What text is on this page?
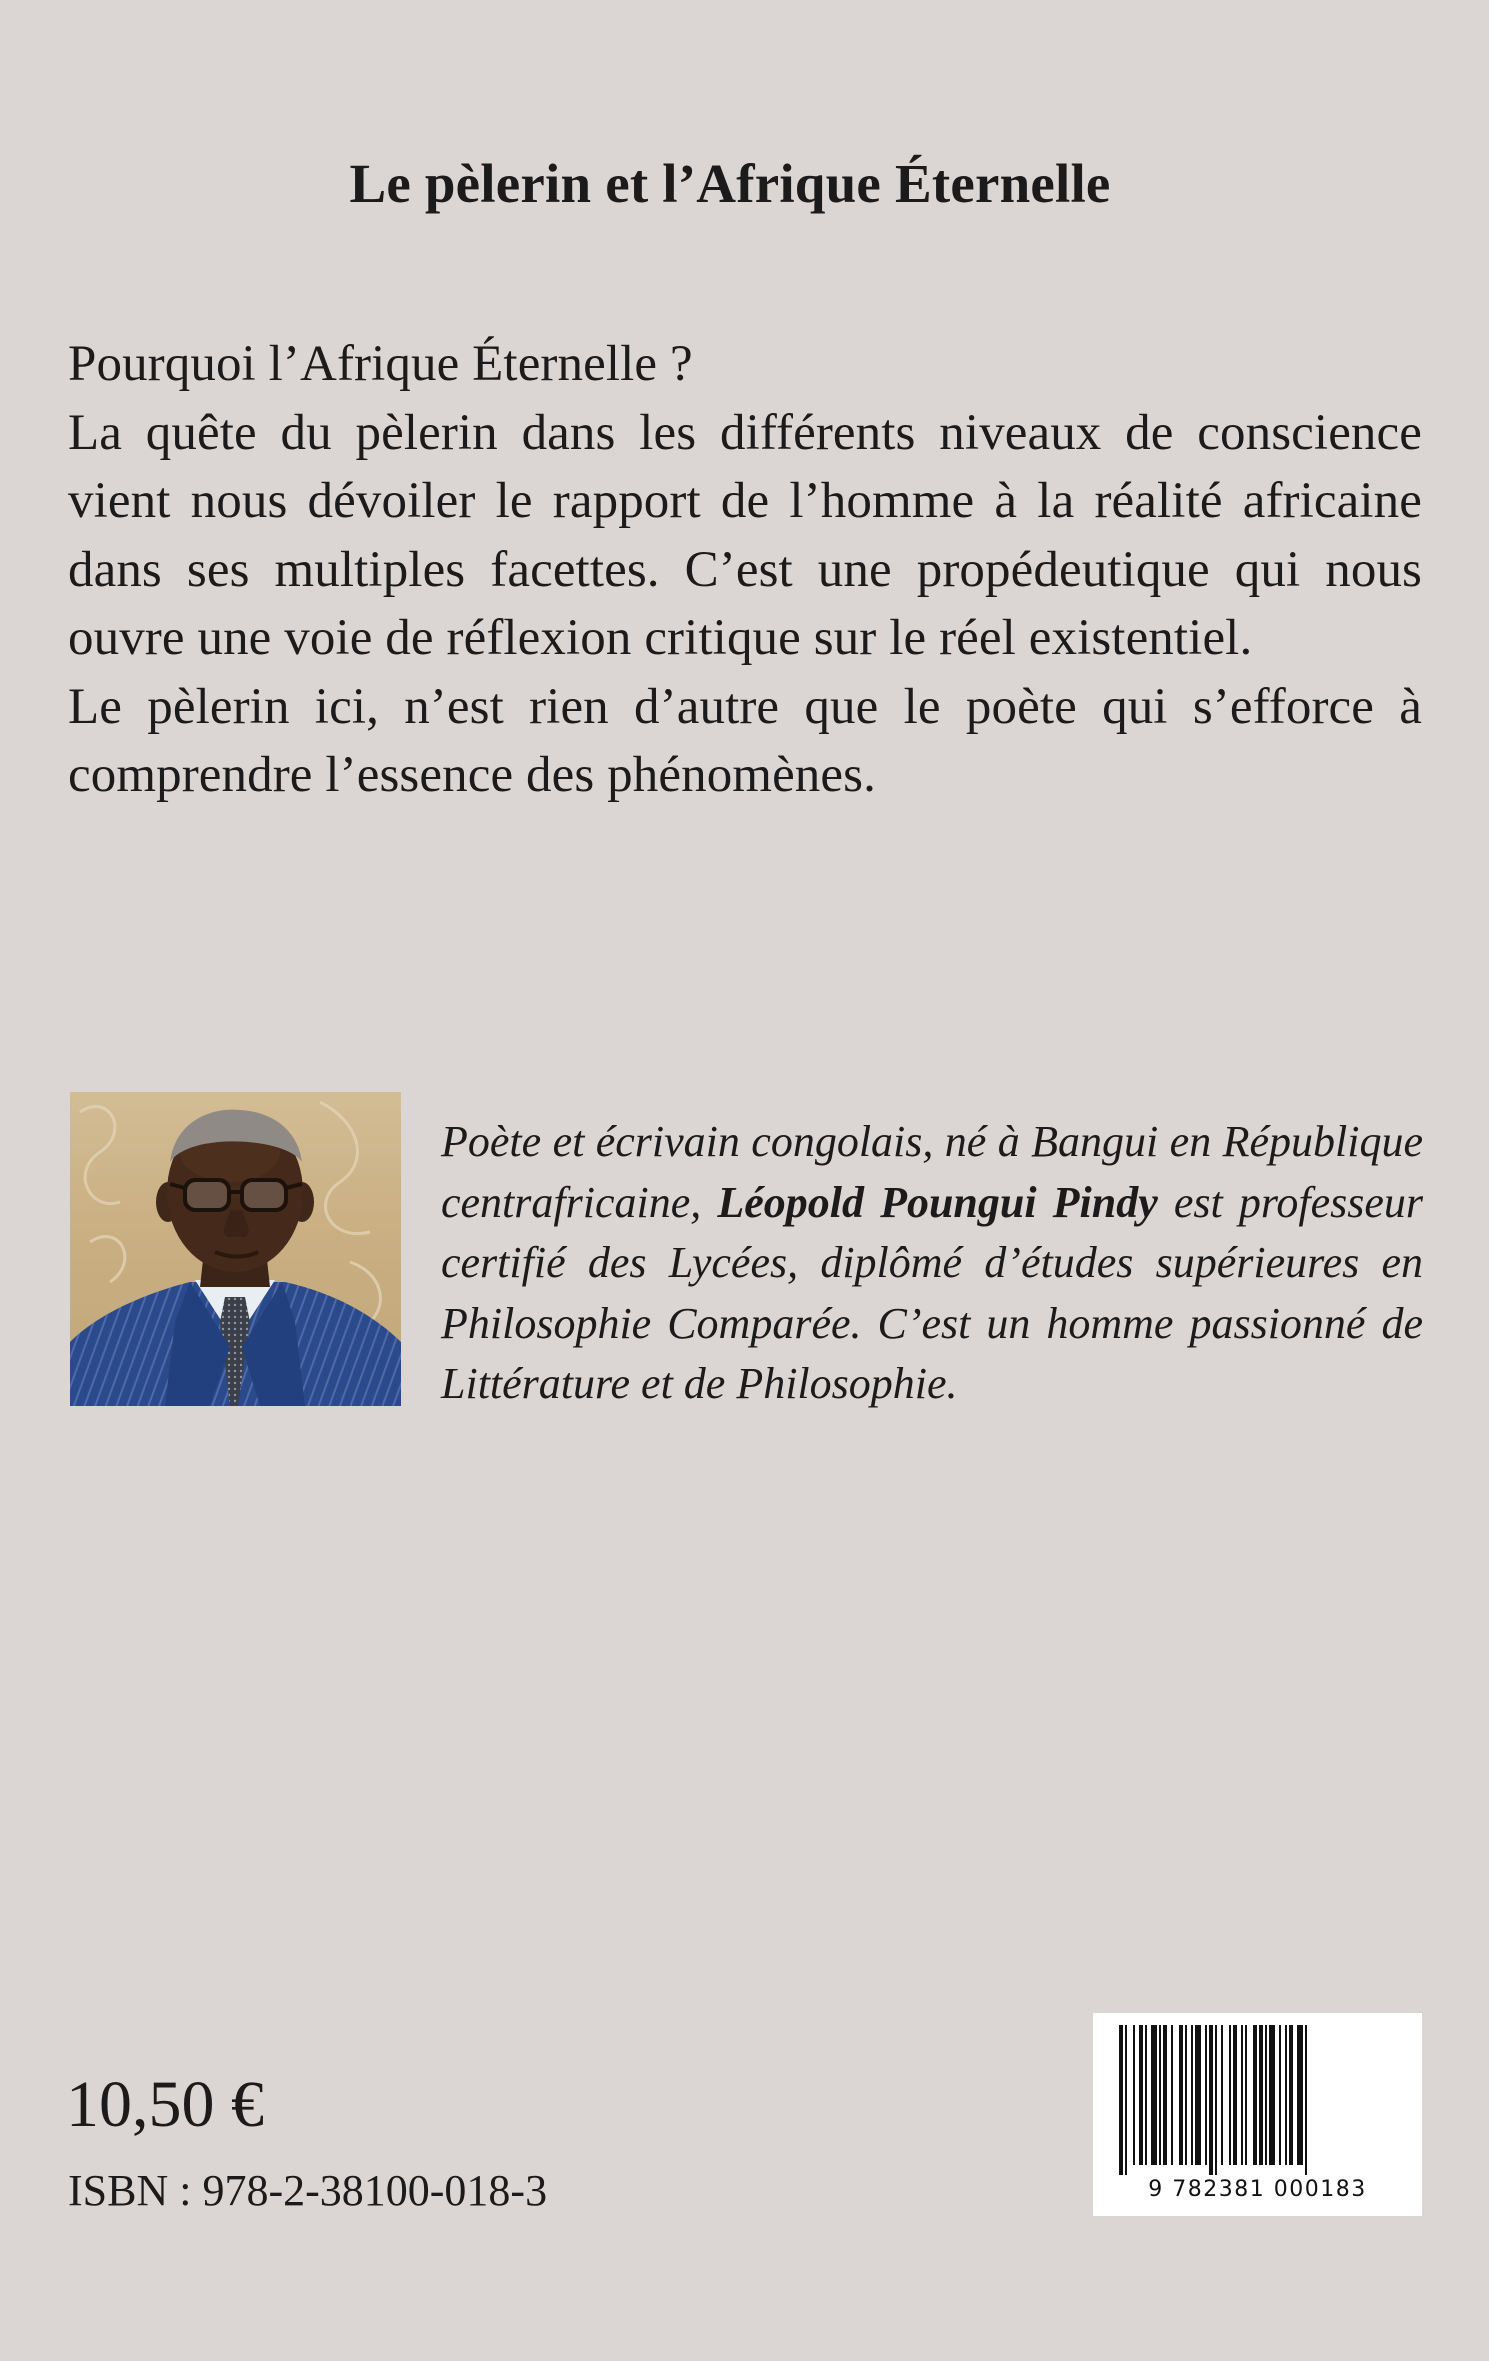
Le pèlerin et l’Afrique Éternelle

Pourquoi l’Afrique Éternelle ?

La quête du pèlerin dans les différents niveaux de conscience vient nous dévoiler le rapport de l’homme à la réalité africaine dans ses multiples facettes. C’est une propédeutique qui nous ouvre une voie de réflexion critique sur le réel existentiel.

Le pèlerin ici, n’est rien d’autre que le poète qui s’efforce à comprendre l’essence des phénomènes.

Poète et écrivain congolais, né à Bangui en République centrafricaine, Léopold Poungui Pindy est professeur certifié des Lycées, diplômé d’études supérieures en Philosophie Comparée. C’est un homme passionné de Littérature et de Philosophie.

10,50 €
ISBN : 978-2-38100-018-3	9 782381 000183
